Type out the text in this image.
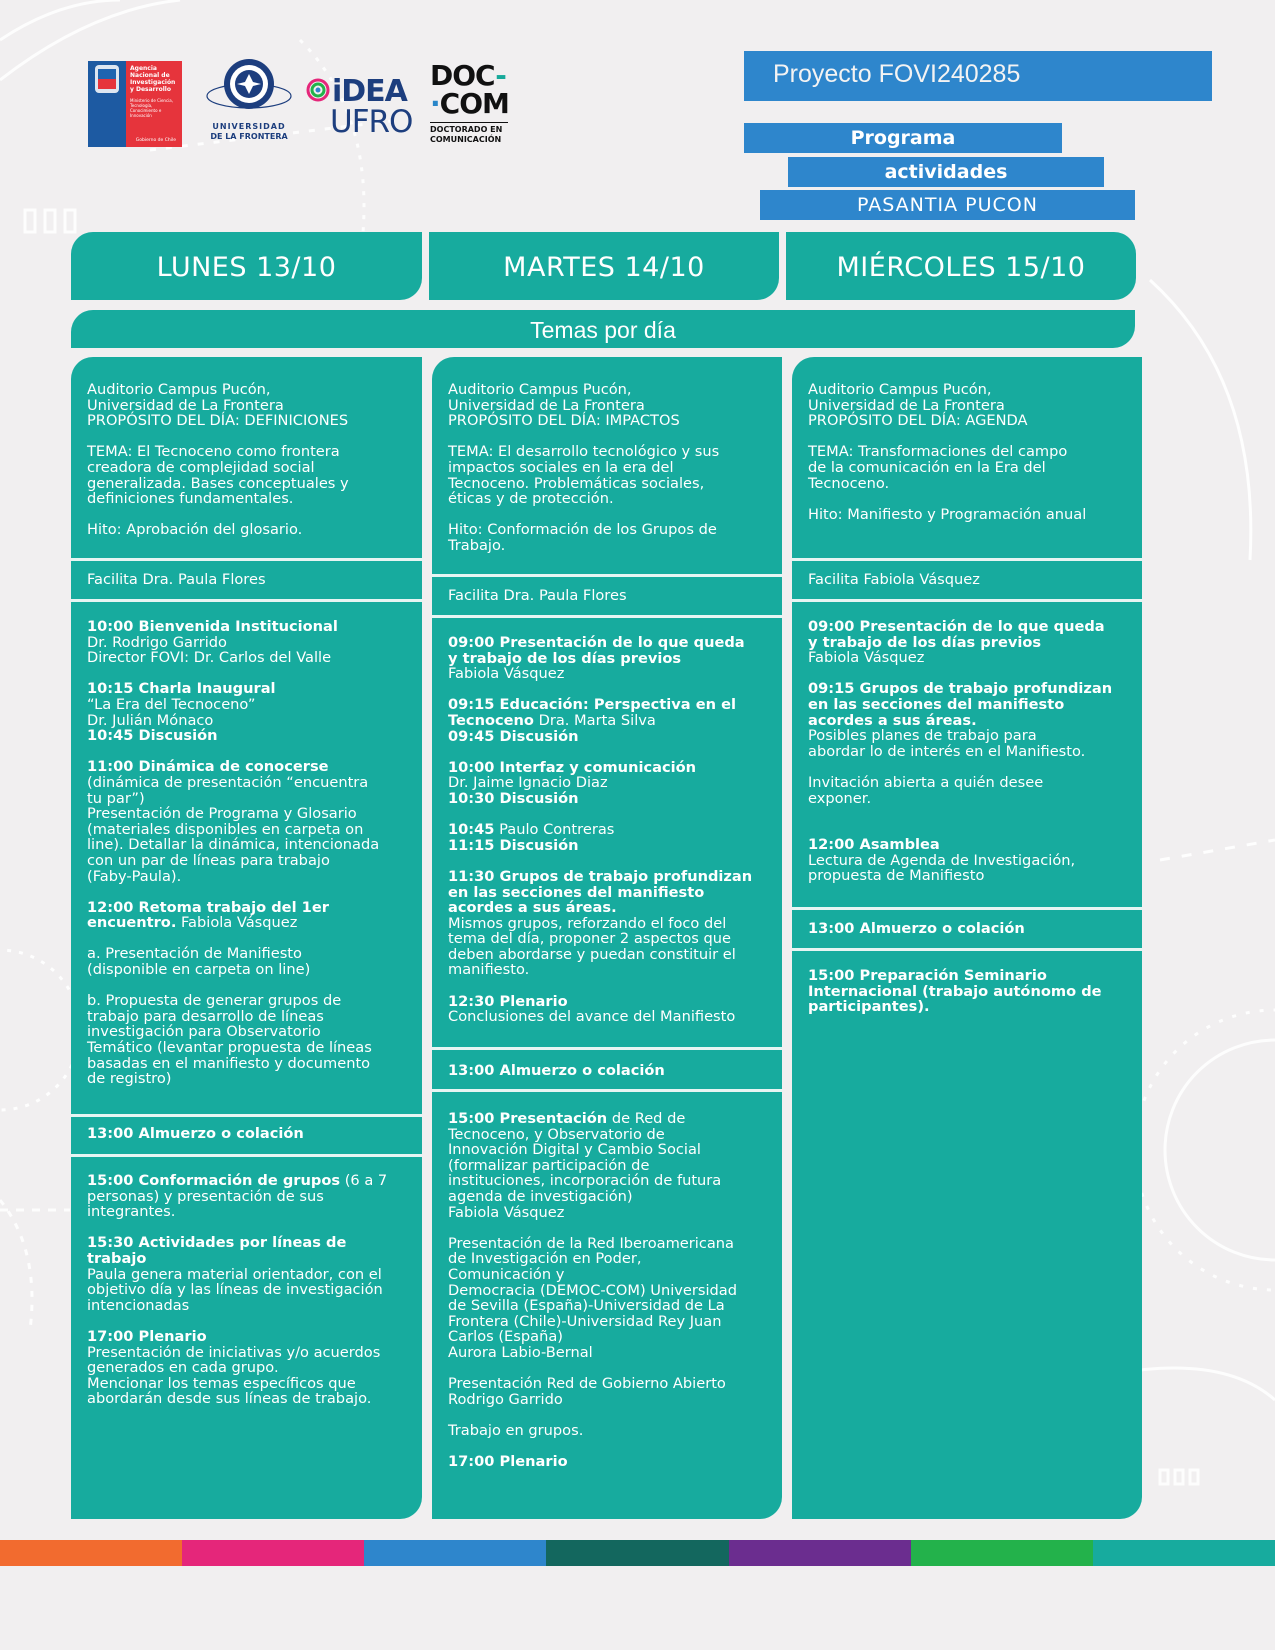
Agencia
Nacional de
Investigación
y Desarrollo
Ministerio de Ciencia, Tecnología, Conocimiento e Innovación
Gobierno de Chile
UNIVERSIDAD
DE LA FRONTERA
iDEA
UFRO
DOC-
·COM
DOCTORADO EN
COMUNICACIÓN
Proyecto FOVI240285
Programa
actividades
PASANTIA PUCON
LUNES 13/10	MARTES 14/10	MIÉRCOLES 15/10
Temas por día

Auditorio Campus Pucón,
Universidad de La Frontera
PROPÓSITO DEL DÍA: DEFINICIONES

TEMA: El Tecnoceno como frontera
creadora de complejidad social
generalizada. Bases conceptuales y
definiciones fundamentales.

Hito: Aprobación del glosario.

Facilita Dra. Paula Flores

10:00 Bienvenida Institucional
Dr. Rodrigo Garrido
Director FOVI: Dr. Carlos del Valle

10:15 Charla Inaugural
“La Era del Tecnoceno”
Dr. Julián Mónaco
10:45 Discusión

11:00 Dinámica de conocerse
(dinámica de presentación “encuentra
tu par”)
Presentación de Programa y Glosario
(materiales disponibles en carpeta on
line). Detallar la dinámica, intencionada
con un par de líneas para trabajo
(Faby-Paula).

12:00 Retoma trabajo del 1er
encuentro. Fabiola Vásquez

a. Presentación de Manifiesto
(disponible en carpeta on line)

b. Propuesta de generar grupos de
trabajo para desarrollo de líneas
investigación para Observatorio
Temático (levantar propuesta de líneas
basadas en el manifiesto y documento
de registro)

13:00 Almuerzo o colación

15:00 Conformación de grupos (6 a 7
personas) y presentación de sus
integrantes.

15:30 Actividades por líneas de
trabajo
Paula genera material orientador, con el
objetivo día y las líneas de investigación
intencionadas

17:00 Plenario
Presentación de iniciativas y/o acuerdos
generados en cada grupo.
Mencionar los temas específicos que
abordarán desde sus líneas de trabajo.

Auditorio Campus Pucón,
Universidad de La Frontera
PROPÓSITO DEL DÍA: IMPACTOS

TEMA: El desarrollo tecnológico y sus
impactos sociales en la era del
Tecnoceno. Problemáticas sociales,
éticas y de protección.

Hito: Conformación de los Grupos de
Trabajo.

Facilita Dra. Paula Flores

09:00 Presentación de lo que queda
y trabajo de los días previos
Fabiola Vásquez

09:15 Educación: Perspectiva en el
Tecnoceno Dra. Marta Silva
09:45 Discusión

10:00 Interfaz y comunicación
Dr. Jaime Ignacio Diaz
10:30 Discusión

10:45 Paulo Contreras
11:15 Discusión

11:30 Grupos de trabajo profundizan
en las secciones del manifiesto
acordes a sus áreas.
Mismos grupos, reforzando el foco del
tema del día, proponer 2 aspectos que
deben abordarse y puedan constituir el
manifiesto.

12:30 Plenario
Conclusiones del avance del Manifiesto

13:00 Almuerzo o colación

15:00 Presentación de Red de
Tecnoceno, y Observatorio de
Innovación Digital y Cambio Social
(formalizar participación de
instituciones, incorporación de futura
agenda de investigación)
Fabiola Vásquez

Presentación de la Red Iberoamericana
de Investigación en Poder,
Comunicación y
Democracia (DEMOC-COM) Universidad
de Sevilla (España)-Universidad de La
Frontera (Chile)-Universidad Rey Juan
Carlos (España)
Aurora Labio-Bernal

Presentación Red de Gobierno Abierto
Rodrigo Garrido

Trabajo en grupos.

17:00 Plenario

Auditorio Campus Pucón,
Universidad de La Frontera
PROPÓSITO DEL DÍA: AGENDA

TEMA: Transformaciones del campo
de la comunicación en la Era del
Tecnoceno.

Hito: Manifiesto y Programación anual

Facilita Fabiola Vásquez

09:00 Presentación de lo que queda
y trabajo de los días previos
Fabiola Vásquez

09:15 Grupos de trabajo profundizan
en las secciones del manifiesto
acordes a sus áreas.
Posibles planes de trabajo para
abordar lo de interés en el Manifiesto.

Invitación abierta a quién desee
exponer.

12:00 Asamblea
Lectura de Agenda de Investigación,
propuesta de Manifiesto

13:00 Almuerzo o colación

15:00 Preparación Seminario
Internacional (trabajo autónomo de
participantes).
